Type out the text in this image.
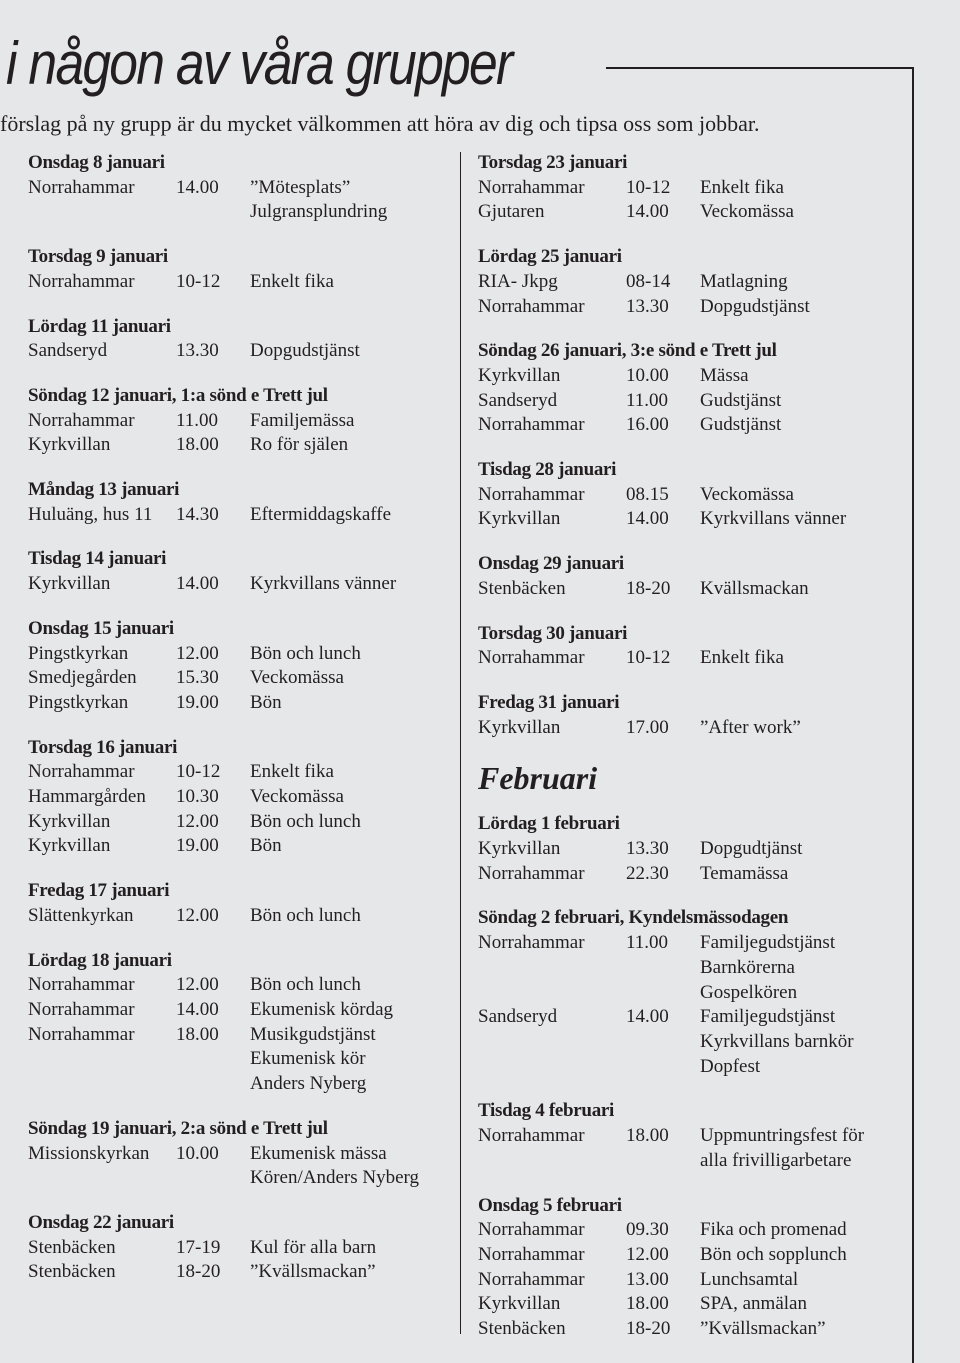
i någon av våra grupper

förslag på ny grupp är du mycket välkommen att höra av dig och tipsa oss som jobbar.

Onsdag 8 januari
Norrahammar	14.00	”Mötesplats”
Julgransplundring
Torsdag 9 januari
Norrahammar	10-12	Enkelt fika
Lördag 11 januari
Sandseryd	13.30	Dopgudstjänst
Söndag 12 januari, 1:a sönd e Trett jul
Norrahammar	11.00	Familjemässa
Kyrkvillan	18.00	Ro för själen
Måndag 13 januari
Huluäng, hus 11	14.30	Eftermiddagskaffe
Tisdag 14 januari
Kyrkvillan	14.00	Kyrkvillans vänner
Onsdag 15 januari
Pingstkyrkan	12.00	Bön och lunch
Smedjegården	15.30	Veckomässa
Pingstkyrkan	19.00	Bön
Torsdag 16 januari
Norrahammar	10-12	Enkelt fika
Hammargården	10.30	Veckomässa
Kyrkvillan	12.00	Bön och lunch
Kyrkvillan	19.00	Bön
Fredag 17 januari
Slättenkyrkan	12.00	Bön och lunch
Lördag 18 januari
Norrahammar	12.00	Bön och lunch
Norrahammar	14.00	Ekumenisk kördag
Norrahammar	18.00	Musikgudstjänst
Ekumenisk kör
Anders Nyberg
Söndag 19 januari, 2:a sönd e Trett jul
Missionskyrkan	10.00	Ekumenisk mässa
Kören/Anders Nyberg
Onsdag 22 januari
Stenbäcken	17-19	Kul för alla barn
Stenbäcken	18-20	”Kvällsmackan”
Torsdag 23 januari
Norrahammar	10-12	Enkelt fika
Gjutaren	14.00	Veckomässa
Lördag 25 januari
RIA- Jkpg	08-14	Matlagning
Norrahammar	13.30	Dopgudstjänst
Söndag 26 januari, 3:e sönd e Trett jul
Kyrkvillan	10.00	Mässa
Sandseryd	11.00	Gudstjänst
Norrahammar	16.00	Gudstjänst
Tisdag 28 januari
Norrahammar	08.15	Veckomässa
Kyrkvillan	14.00	Kyrkvillans vänner
Onsdag 29 januari
Stenbäcken	18-20	Kvällsmackan
Torsdag 30 januari
Norrahammar	10-12	Enkelt fika
Fredag 31 januari
Kyrkvillan	17.00	”After work”
Februari
Lördag 1 februari
Kyrkvillan	13.30	Dopgudtjänst
Norrahammar	22.30	Temamässa
Söndag 2 februari, Kyndelsmässodagen
Norrahammar	11.00	Familjegudstjänst
Barnkörerna
Gospelkören
Sandseryd	14.00	Familjegudstjänst
Kyrkvillans barnkör
Dopfest
Tisdag 4 februari
Norrahammar	18.00	Uppmuntringsfest för
alla frivilligarbetare
Onsdag 5 februari
Norrahammar	09.30	Fika och promenad
Norrahammar	12.00	Bön och sopplunch
Norrahammar	13.00	Lunchsamtal
Kyrkvillan	18.00	SPA, anmälan
Stenbäcken	18-20	”Kvällsmackan”
